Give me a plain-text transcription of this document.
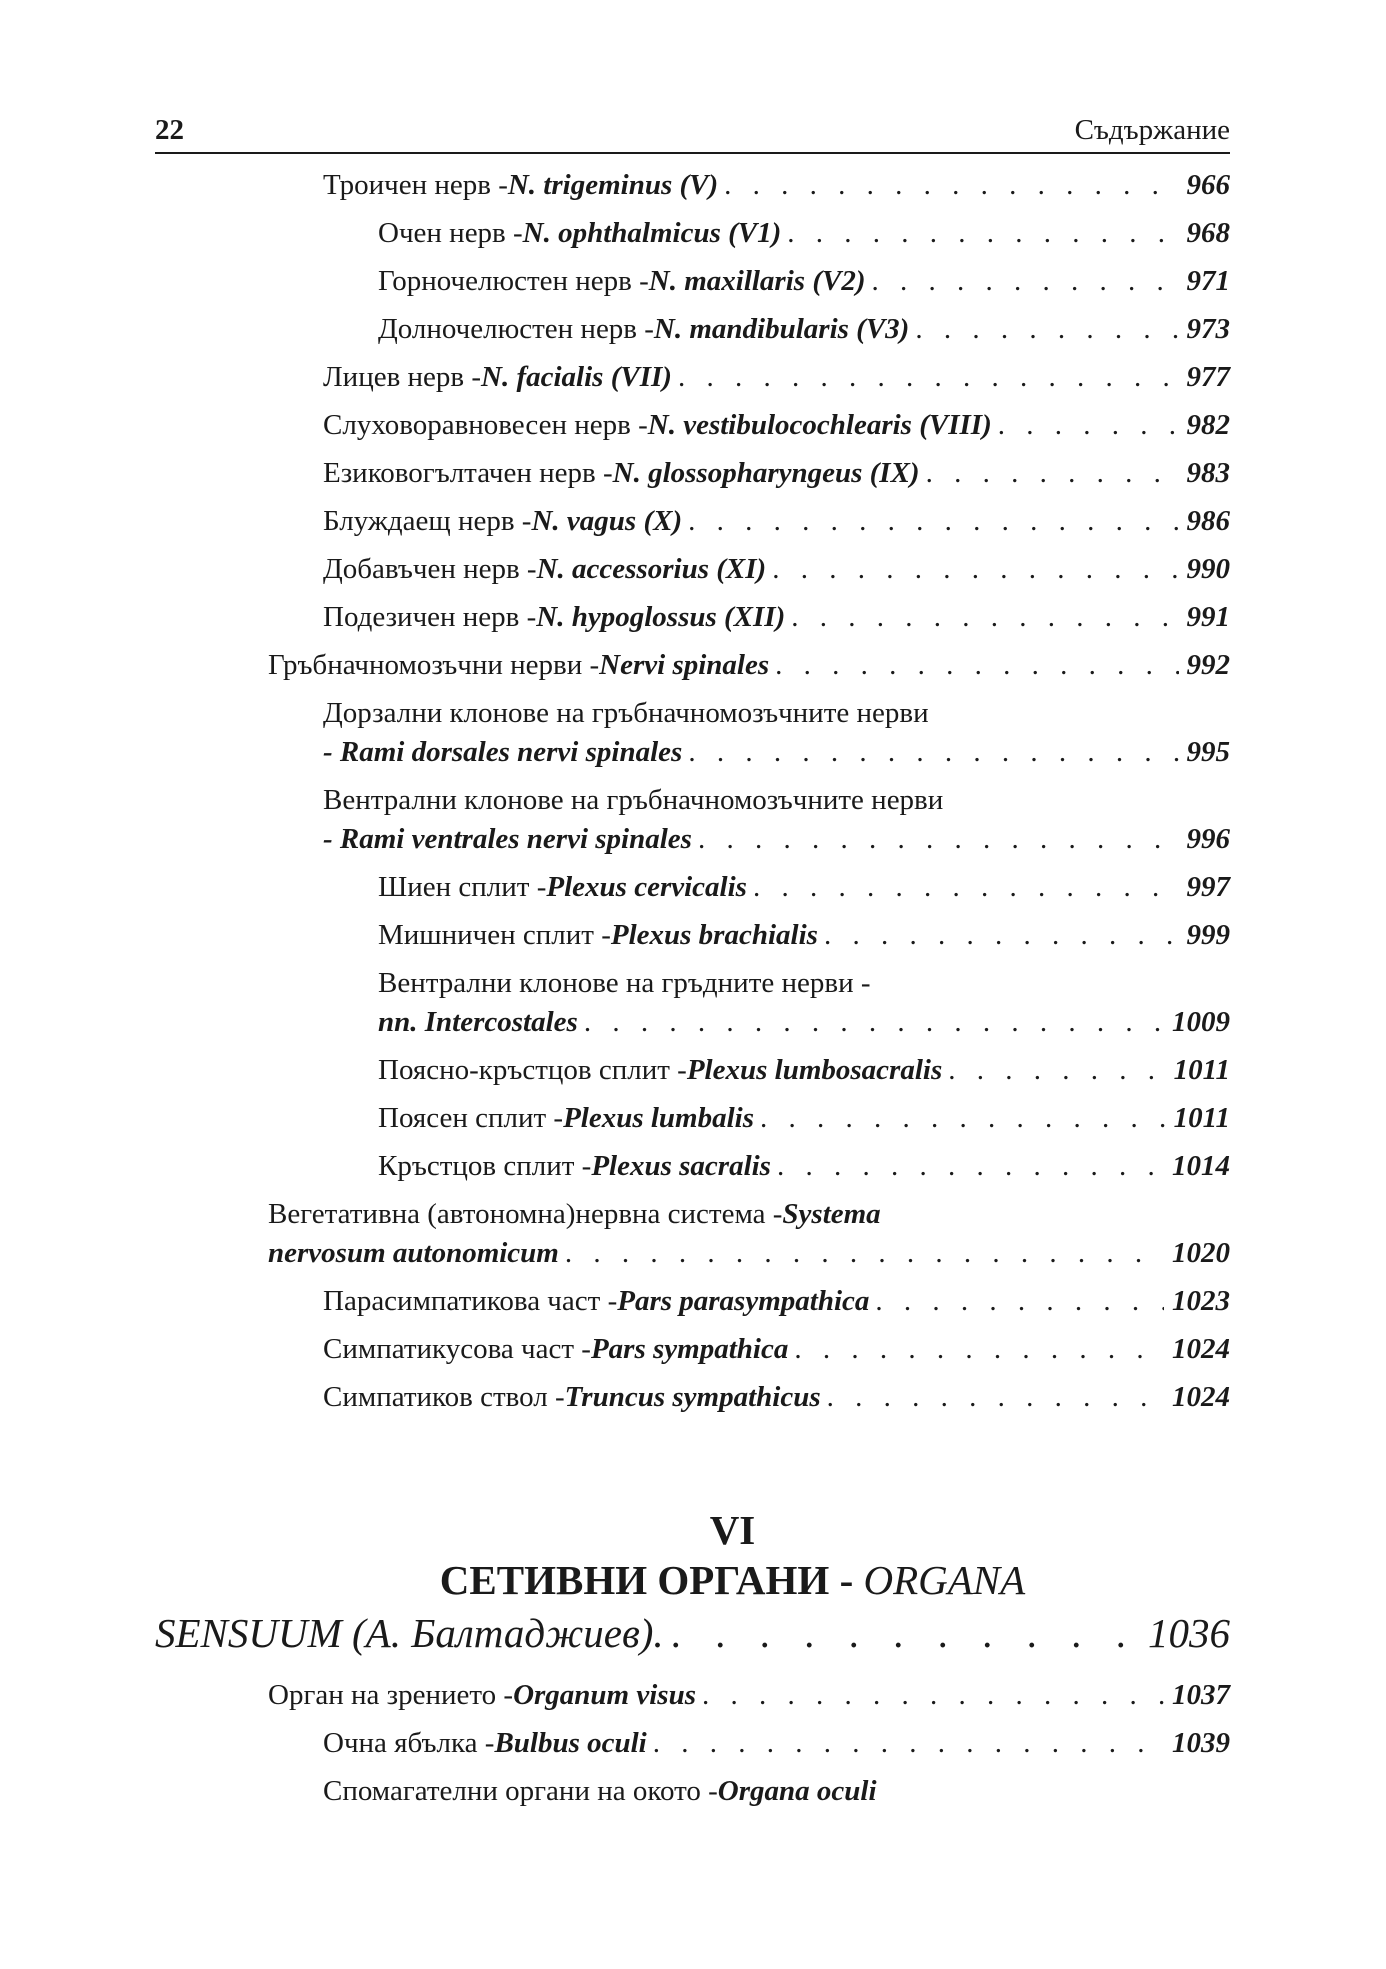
22	Съдържание
Троичен нерв - N. trigeminus (V) . . .	966
Очен нерв - N. ophthalmicus (V1) . . .	968
Горночелюстен нерв - N. maxillaris (V2) . . .	971
Долночелюстен нерв - N. mandibularis (V3) . . .	973
Лицев нерв - N. facialis (VII) . . .	977
Слуховоравновесен нерв - N. vestibulocochlearis (VIII) . . .	982
Езиковогълтачен нерв - N. glossopharyngeus (IX) . . .	983
Блуждаещ нерв - N. vagus (X) . . .	986
Добавъчен нерв - N. accessorius (XI) . . .	990
Подезичен нерв - N. hypoglossus (XII) . . .	991
Гръбначномозъчни нерви - Nervi spinales . . .	992
Дорзални клонове на гръбначномозъчните нерви
- Rami dorsales nervi spinales . . .	995
Вентрални клонове на гръбначномозъчните нерви
- Rami ventrales nervi spinales . . .	996
Шиен сплит - Plexus cervicalis . . .	997
Мишничен сплит - Plexus brachialis . . .	999
Вентрални клонове на гръдните нерви -
nn. Intercostales . . .	1009
Поясно-кръстцов сплит - Plexus lumbosacralis . . .	1011
Поясен сплит - Plexus lumbalis . . .	1011
Кръстцов сплит - Plexus sacralis . . .	1014
Вегетативна (автономна)нервна система - Systema
nervosum autonomicum . . .	1020
Парасимпатикова част - Pars parasympathica . . .	1023
Симпатикусова част - Pars sympathica . . .	1024
Симпатиков ствол - Truncus sympathicus . . .	1024
VI
СЕТИВНИ ОРГАНИ - ORGANA
SENSUUM (А. Балтаджиев). . . .	1036
Орган на зрението - Organum visus . . .	1037
Очна ябълка - Bulbus oculi . . .	1039
Спомагателни органи на окото - Organa oculi
